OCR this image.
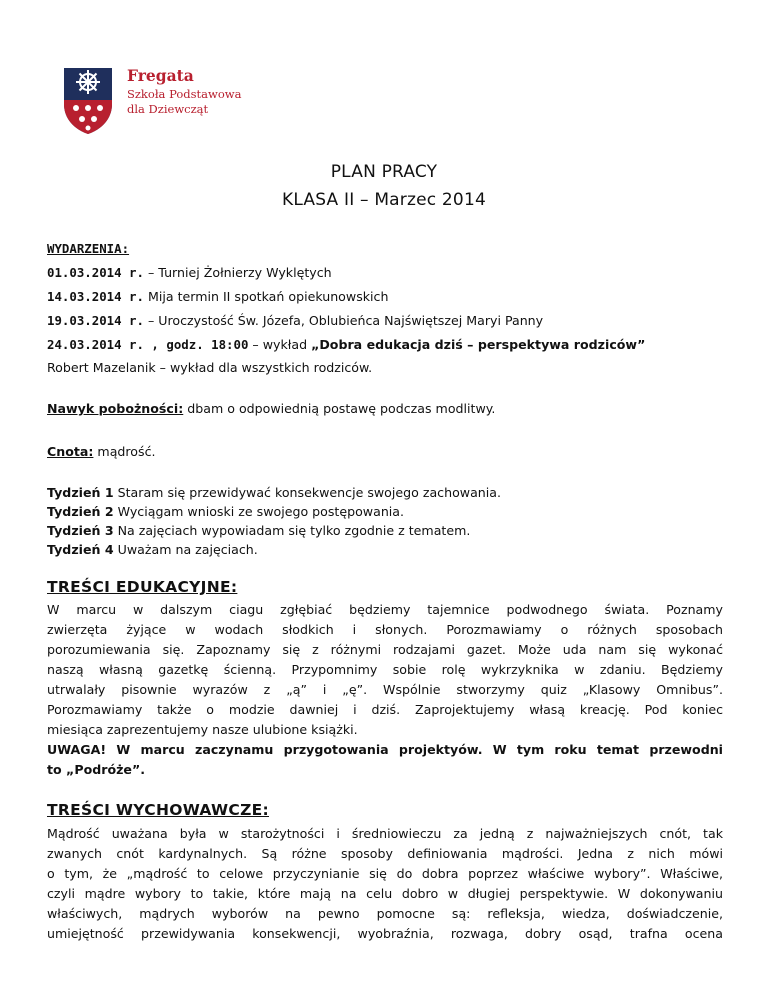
Fregata
Szkoła Podstawowa
dla Dziewcząt
PLAN PRACY
KLASA II – Marzec 2014
WYDARZENIA:
01.03.2014 r. – Turniej Żołnierzy Wyklętych
14.03.2014 r. Mija termin II spotkań opiekunowskich
19.03.2014 r. – Uroczystość Św. Józefa, Oblubieńca Najświętszej Maryi Panny
24.03.2014 r. , godz. 18:00 – wykład „Dobra edukacja dziś – perspektywa rodziców”
Robert Mazelanik – wykład dla wszystkich rodziców.
Nawyk pobożności: dbam o odpowiednią postawę podczas modlitwy.
Cnota: mądrość.
Tydzień 1 Staram się przewidywać konsekwencje swojego zachowania.
Tydzień 2 Wyciągam wnioski ze swojego postępowania.
Tydzień 3 Na zajęciach wypowiadam się tylko zgodnie z tematem.
Tydzień 4 Uważam na zajęciach.
TREŚCI EDUKACYJNE:
W marcu w dalszym ciagu zgłębiać będziemy tajemnice podwodnego świata. Poznamy
zwierzęta żyjące w wodach słodkich i słonych. Porozmawiamy o różnych sposobach
porozumiewania się. Zapoznamy się z różnymi rodzajami gazet. Może uda nam się wykonać
naszą własną gazetkę ścienną. Przypomnimy sobie rolę wykrzyknika w zdaniu. Będziemy
utrwalały pisownie wyrazów z „ą” i „ę”. Wspólnie stworzymy quiz „Klasowy Omnibus”.
Porozmawiamy także o modzie dawniej i dziś. Zaprojektujemy własą kreację. Pod koniec
miesiąca zaprezentujemy nasze ulubione książki.
UWAGA! W marcu zaczynamu przygotowania projektyów. W tym roku temat przewodni
to „Podróże”.
TREŚCI WYCHOWAWCZE:
Mądrość uważana była w starożytności i średniowieczu za jedną z najważniejszych cnót, tak
zwanych cnót kardynalnych. Są różne sposoby definiowania mądrości. Jedna z nich mówi
o tym, że „mądrość to celowe przyczynianie się do dobra poprzez właściwe wybory”. Właściwe,
czyli mądre wybory to takie, które mają na celu dobro w długiej perspektywie. W dokonywaniu
właściwych, mądrych wyborów na pewno pomocne są: refleksja, wiedza, doświadczenie,
umiejętność przewidywania konsekwencji, wyobraźnia, rozwaga, dobry osąd, trafna ocena
